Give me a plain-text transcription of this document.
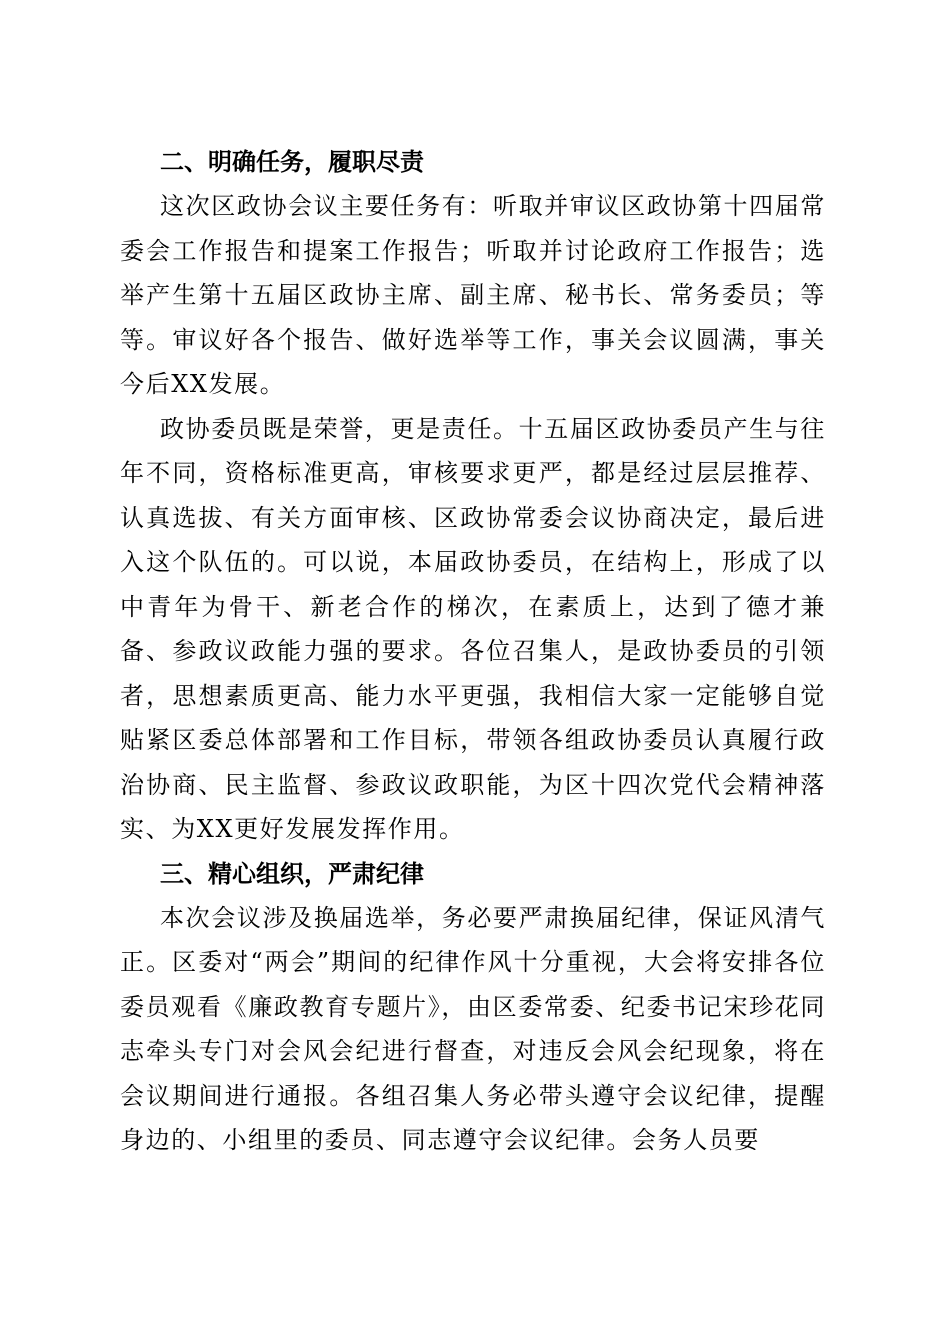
二、明确任务，履职尽责

这次区政协会议主要任务有：听取并审议区政协第十四届常委会工作报告和提案工作报告；听取并讨论政府工作报告；选举产生第十五届区政协主席、副主席、秘书长、常务委员；等等。审议好各个报告、做好选举等工作，事关会议圆满，事关今后XX发展。

政协委员既是荣誉，更是责任。十五届区政协委员产生与往年不同，资格标准更高，审核要求更严，都是经过层层推荐、认真选拔、有关方面审核、区政协常委会议协商决定，最后进入这个队伍的。可以说，本届政协委员，在结构上，形成了以中青年为骨干、新老合作的梯次，在素质上，达到了德才兼备、参政议政能力强的要求。各位召集人，是政协委员的引领者，思想素质更高、能力水平更强，我相信大家一定能够自觉贴紧区委总体部署和工作目标，带领各组政协委员认真履行政治协商、民主监督、参政议政职能，为区十四次党代会精神落实、为XX更好发展发挥作用。

三、精心组织，严肃纪律

本次会议涉及换届选举，务必要严肃换届纪律，保证风清气正。区委对“两会”期间的纪律作风十分重视，大会将安排各位委员观看《廉政教育专题片》，由区委常委、纪委书记宋珍花同志牵头专门对会风会纪进行督查，对违反会风会纪现象，将在会议期间进行通报。各组召集人务必带头遵守会议纪律，提醒身边的、小组里的委员、同志遵守会议纪律。会务人员要
